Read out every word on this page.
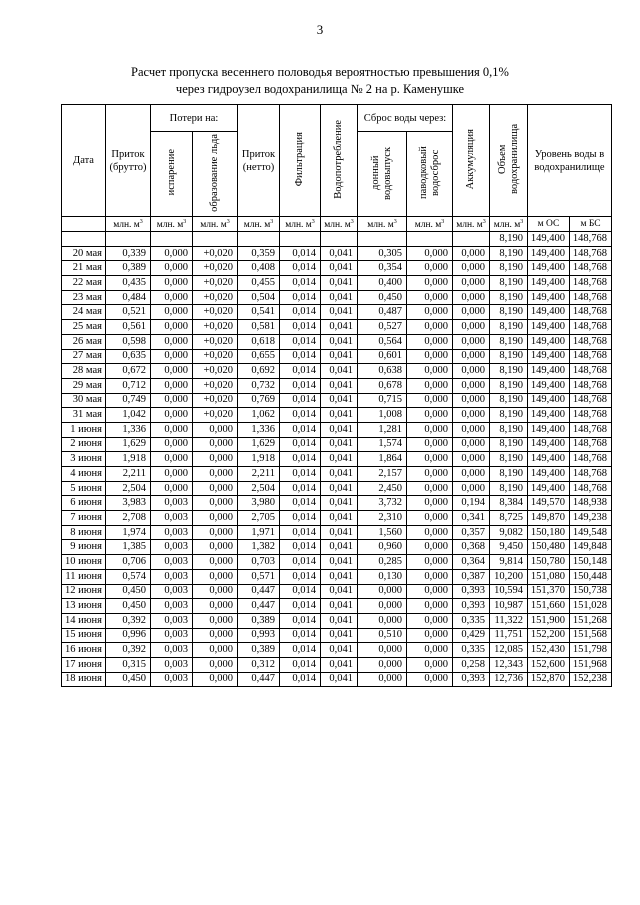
3
Расчет пропуска весеннего половодья вероятностью превышения 0,1%
через гидроузел водохранилища № 2 на р. Каменушке
Дата	Приток (брутто)	Потери на:		Приток (нетто)	Фильтрация	Водопотребление	Сброс воды через:		Аккумуляция	Объем водохранилища	Уровень воды в водохранилище	
		испарение	образование льда				донный водовыпуск	паводковый водосброс				

	млн. $м^3$	млн. $м^3$	млн. $м^3$	млн. $м^3$	млн. $м^3$	млн. $м^3$	млн. $м^3$	млн. $м^3$	млн. $м^3$	млн. $м^3$	м ОС	м БС
										8,190	149,400	148,768
20 мая	0,339	0,000	+0,020	0,359	0,014	0,041	0,305	0,000	0,000	8,190	149,400	148,768
21 мая	0,389	0,000	+0,020	0,408	0,014	0,041	0,354	0,000	0,000	8,190	149,400	148,768
22 мая	0,435	0,000	+0,020	0,455	0,014	0,041	0,400	0,000	0,000	8,190	149,400	148,768
23 мая	0,484	0,000	+0,020	0,504	0,014	0,041	0,450	0,000	0,000	8,190	149,400	148,768
24 мая	0,521	0,000	+0,020	0,541	0,014	0,041	0,487	0,000	0,000	8,190	149,400	148,768
25 мая	0,561	0,000	+0,020	0,581	0,014	0,041	0,527	0,000	0,000	8,190	149,400	148,768
26 мая	0,598	0,000	+0,020	0,618	0,014	0,041	0,564	0,000	0,000	8,190	149,400	148,768
27 мая	0,635	0,000	+0,020	0,655	0,014	0,041	0,601	0,000	0,000	8,190	149,400	148,768
28 мая	0,672	0,000	+0,020	0,692	0,014	0,041	0,638	0,000	0,000	8,190	149,400	148,768
29 мая	0,712	0,000	+0,020	0,732	0,014	0,041	0,678	0,000	0,000	8,190	149,400	148,768
30 мая	0,749	0,000	+0,020	0,769	0,014	0,041	0,715	0,000	0,000	8,190	149,400	148,768
31 мая	1,042	0,000	+0,020	1,062	0,014	0,041	1,008	0,000	0,000	8,190	149,400	148,768
1 июня	1,336	0,000	0,000	1,336	0,014	0,041	1,281	0,000	0,000	8,190	149,400	148,768
2 июня	1,629	0,000	0,000	1,629	0,014	0,041	1,574	0,000	0,000	8,190	149,400	148,768
3 июня	1,918	0,000	0,000	1,918	0,014	0,041	1,864	0,000	0,000	8,190	149,400	148,768
4 июня	2,211	0,000	0,000	2,211	0,014	0,041	2,157	0,000	0,000	8,190	149,400	148,768
5 июня	2,504	0,000	0,000	2,504	0,014	0,041	2,450	0,000	0,000	8,190	149,400	148,768
6 июня	3,983	0,003	0,000	3,980	0,014	0,041	3,732	0,000	0,194	8,384	149,570	148,938
7 июня	2,708	0,003	0,000	2,705	0,014	0,041	2,310	0,000	0,341	8,725	149,870	149,238
8 июня	1,974	0,003	0,000	1,971	0,014	0,041	1,560	0,000	0,357	9,082	150,180	149,548
9 июня	1,385	0,003	0,000	1,382	0,014	0,041	0,960	0,000	0,368	9,450	150,480	149,848
10 июня	0,706	0,003	0,000	0,703	0,014	0,041	0,285	0,000	0,364	9,814	150,780	150,148
11 июня	0,574	0,003	0,000	0,571	0,014	0,041	0,130	0,000	0,387	10,200	151,080	150,448
12 июня	0,450	0,003	0,000	0,447	0,014	0,041	0,000	0,000	0,393	10,594	151,370	150,738
13 июня	0,450	0,003	0,000	0,447	0,014	0,041	0,000	0,000	0,393	10,987	151,660	151,028
14 июня	0,392	0,003	0,000	0,389	0,014	0,041	0,000	0,000	0,335	11,322	151,900	151,268
15 июня	0,996	0,003	0,000	0,993	0,014	0,041	0,510	0,000	0,429	11,751	152,200	151,568
16 июня	0,392	0,003	0,000	0,389	0,014	0,041	0,000	0,000	0,335	12,085	152,430	151,798
17 июня	0,315	0,003	0,000	0,312	0,014	0,041	0,000	0,000	0,258	12,343	152,600	151,968
18 июня	0,450	0,003	0,000	0,447	0,014	0,041	0,000	0,000	0,393	12,736	152,870	152,238
